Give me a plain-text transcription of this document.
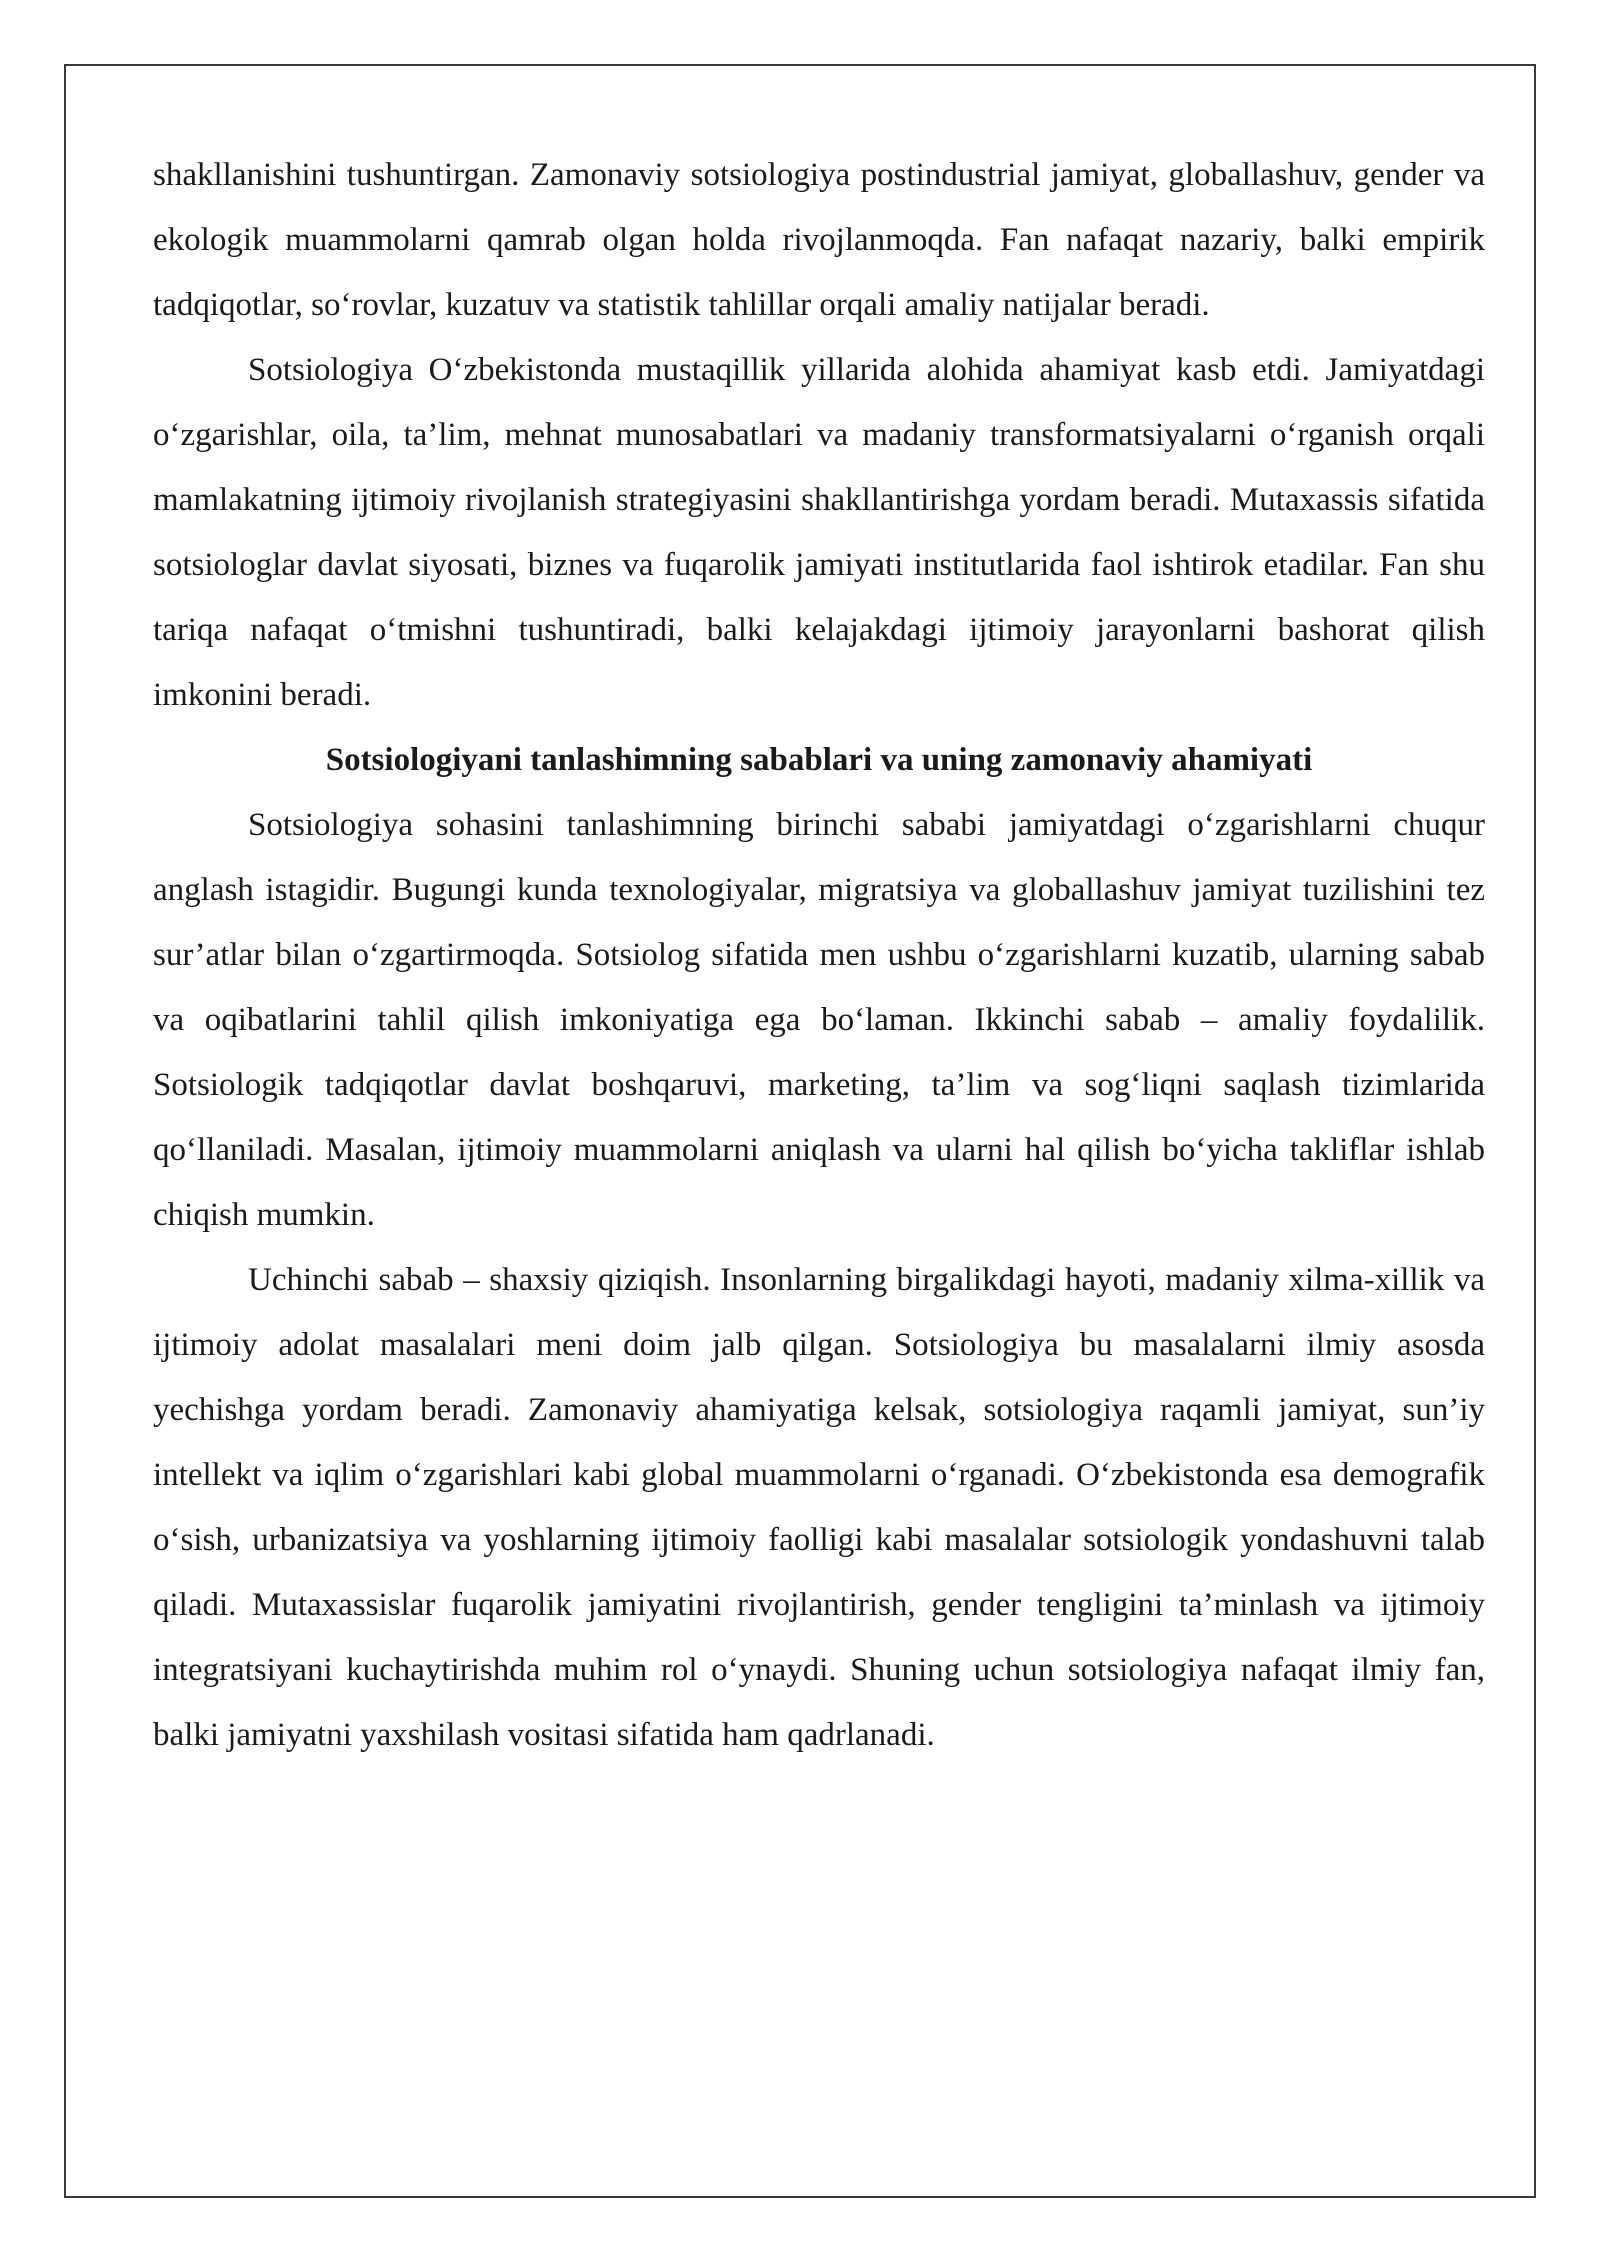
shakllanishini tushuntirgan. Zamonaviy sotsiologiya postindustrial jamiyat, globallashuv, gender va ekologik muammolarni qamrab olgan holda rivojlanmoqda. Fan nafaqat nazariy, balki empirik tadqiqotlar, so‘rovlar, kuzatuv va statistik tahlillar orqali amaliy natijalar beradi.

Sotsiologiya O‘zbekistonda mustaqillik yillarida alohida ahamiyat kasb etdi. Jamiyatdagi o‘zgarishlar, oila, ta’lim, mehnat munosabatlari va madaniy transformatsiyalarni o‘rganish orqali mamlakatning ijtimoiy rivojlanish strategiyasini shakllantirishga yordam beradi. Mutaxassis sifatida sotsiologlar davlat siyosati, biznes va fuqarolik jamiyati institutlarida faol ishtirok etadilar. Fan shu tariqa nafaqat o‘tmishni tushuntiradi, balki kelajakdagi ijtimoiy jarayonlarni bashorat qilish imkonini beradi.

Sotsiologiyani tanlashimning sabablari va uning zamonaviy ahamiyati

Sotsiologiya sohasini tanlashimning birinchi sababi jamiyatdagi o‘zgarishlarni chuqur anglash istagidir. Bugungi kunda texnologiyalar, migratsiya va globallashuv jamiyat tuzilishini tez sur’atlar bilan o‘zgartirmoqda. Sotsiolog sifatida men ushbu o‘zgarishlarni kuzatib, ularning sabab va oqibatlarini tahlil qilish imkoniyatiga ega bo‘laman. Ikkinchi sabab – amaliy foydalilik. Sotsiologik tadqiqotlar davlat boshqaruvi, marketing, ta’lim va sog‘liqni saqlash tizimlarida qo‘llaniladi. Masalan, ijtimoiy muammolarni aniqlash va ularni hal qilish bo‘yicha takliflar ishlab chiqish mumkin.

Uchinchi sabab – shaxsiy qiziqish. Insonlarning birgalikdagi hayoti, madaniy xilma-xillik va ijtimoiy adolat masalalari meni doim jalb qilgan. Sotsiologiya bu masalalarni ilmiy asosda yechishga yordam beradi. Zamonaviy ahamiyatiga kelsak, sotsiologiya raqamli jamiyat, sun’iy intellekt va iqlim o‘zgarishlari kabi global muammolarni o‘rganadi. O‘zbekistonda esa demografik o‘sish, urbanizatsiya va yoshlarning ijtimoiy faolligi kabi masalalar sotsiologik yondashuvni talab qiladi. Mutaxassislar fuqarolik jamiyatini rivojlantirish, gender tengligini ta’minlash va ijtimoiy integratsiyani kuchaytirishda muhim rol o‘ynaydi. Shuning uchun sotsiologiya nafaqat ilmiy fan, balki jamiyatni yaxshilash vositasi sifatida ham qadrlanadi.
